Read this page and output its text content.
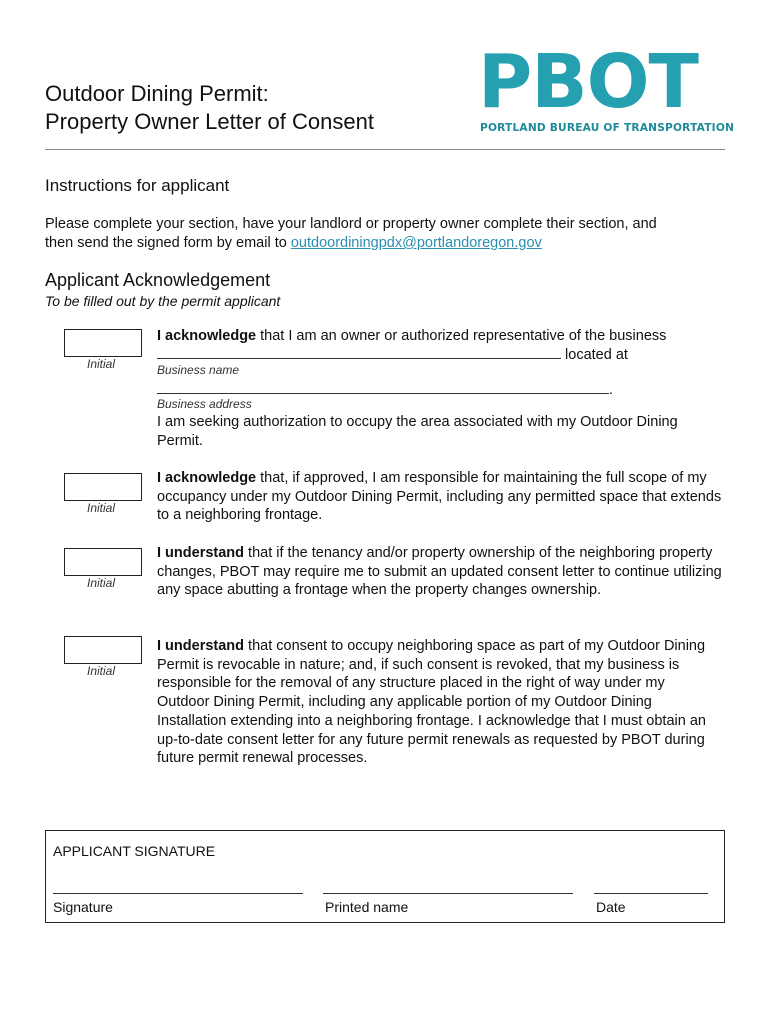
Outdoor Dining Permit:
Property Owner Letter of Consent PBOT
PORTLAND BUREAU OF TRANSPORTATION
Instructions for applicant
Please complete your section, have your landlord or property owner complete their section, and
then send the signed form by email to outdoordiningpdx@portlandoregon.gov
Applicant Acknowledgement
To be filled out by the permit applicant
Initial
I acknowledge that I am an owner or authorized representative of the business
located at
Business name
.
Business address
I am seeking authorization to occupy the area associated with my Outdoor Dining Permit.
Initial
I acknowledge that, if approved, I am responsible for maintaining the full scope of my occupancy under my Outdoor Dining Permit, including any permitted space that extends to a neighboring frontage.
Initial
I understand that if the tenancy and/or property ownership of the neighboring property changes, PBOT may require me to submit an updated consent letter to continue utilizing any space abutting a frontage when the property changes ownership.
Initial
I understand that consent to occupy neighboring space as part of my Outdoor Dining Permit is revocable in nature; and, if such consent is revoked, that my business is responsible for the removal of any structure placed in the right of way under my Outdoor Dining Permit, including any applicable portion of my Outdoor Dining Installation extending into a neighboring frontage. I acknowledge that I must obtain an up-to-date consent letter for any future permit renewals as requested by PBOT during future permit renewal processes.
APPLICANT SIGNATURE
Signature	Printed name	Date
